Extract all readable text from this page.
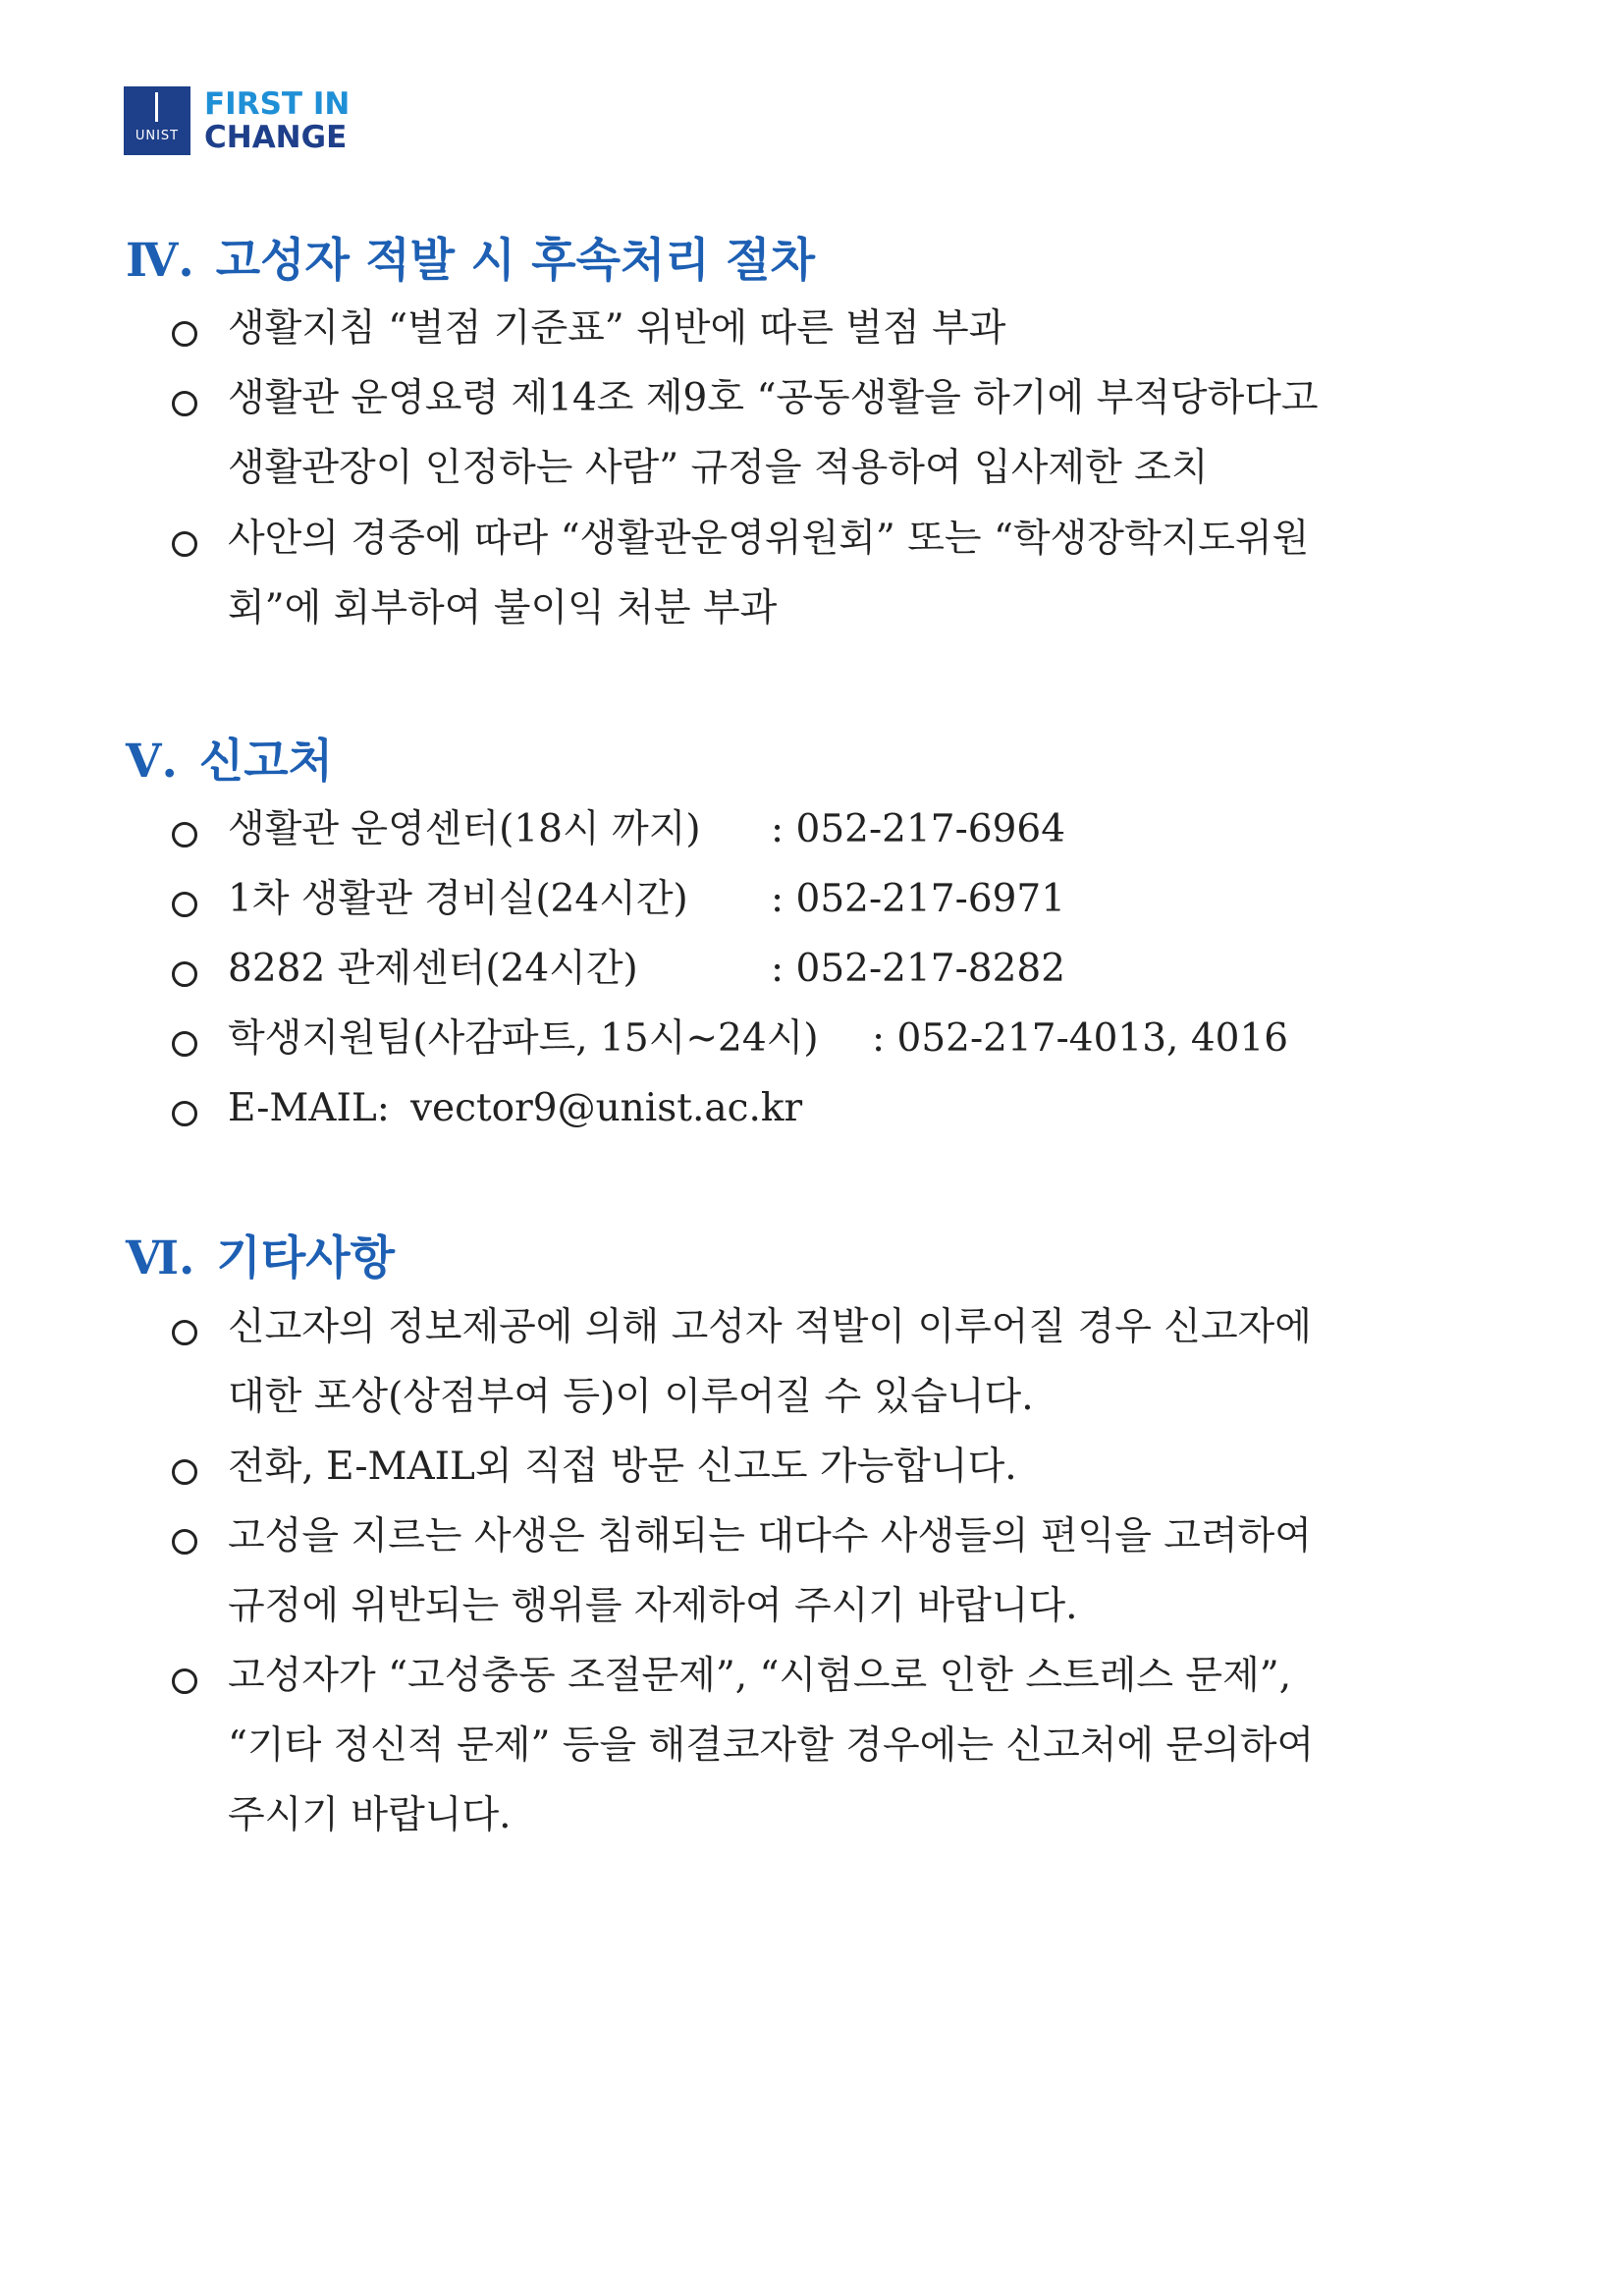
UNIST
FIRST IN
CHANGE
Ⅳ. 고성자 적발 시 후속처리 절차
생활지침 “벌점 기준표” 위반에 따른 벌점 부과
생활관 운영요령 제14조 제9호 “공동생활을 하기에 부적당하다고
생활관장이 인정하는 사람” 규정을 적용하여 입사제한 조치
사안의 경중에 따라 “생활관운영위원회” 또는 “학생장학지도위원
회”에 회부하여 불이익 처분 부과
Ⅴ. 신고처
생활관 운영센터(18시 까지) : 052-217-6964
1차 생활관 경비실(24시간) : 052-217-6971
8282 관제센터(24시간)	: 052-217-8282
학생지원팀(사감파트, 15시~24시) : 052-217-4013, 4016
E-MAIL: vector9@unist.ac.kr
Ⅵ. 기타사항
신고자의 정보제공에 의해 고성자 적발이 이루어질 경우 신고자에
대한 포상(상점부여 등)이 이루어질 수 있습니다.
전화, E-MAIL외 직접 방문 신고도 가능합니다.
고성을 지르는 사생은 침해되는 대다수 사생들의 편익을 고려하여
규정에 위반되는 행위를 자제하여 주시기 바랍니다.
고성자가 “고성충동 조절문제”, “시험으로 인한 스트레스 문제”,
“기타 정신적 문제” 등을 해결코자할 경우에는 신고처에 문의하여
주시기 바랍니다.
